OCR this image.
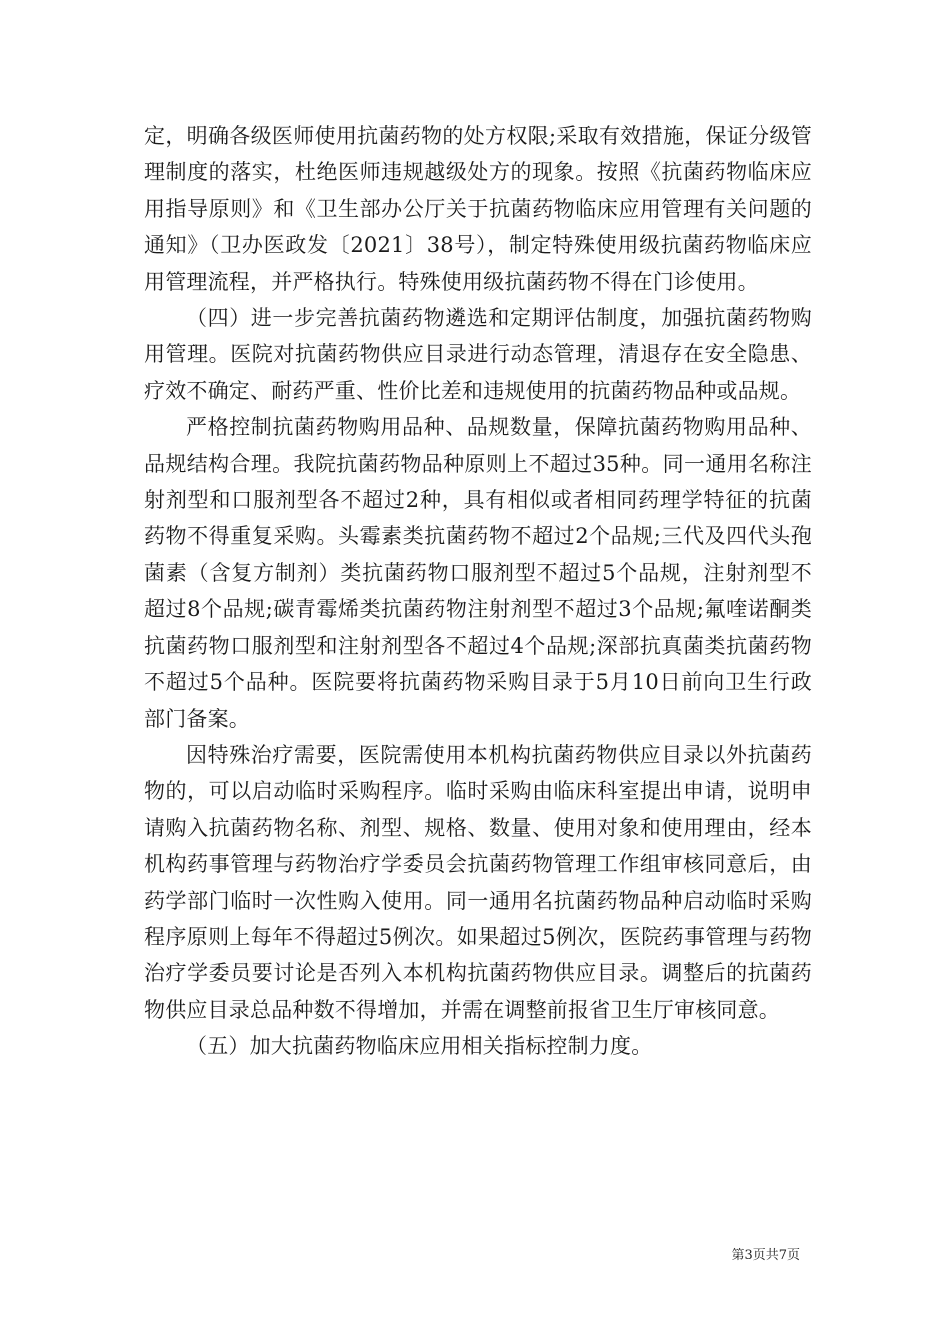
定，明确各级医师使用抗菌药物的处方权限;采取有效措施，保证分级管理制度的落实，杜绝医师违规越级处方的现象。按照《抗菌药物临床应用指导原则》和《卫生部办公厅关于抗菌药物临床应用管理有关问题的通知》（卫办医政发〔2021〕38号），制定特殊使用级抗菌药物临床应用管理流程，并严格执行。特殊使用级抗菌药物不得在门诊使用。

（四）进一步完善抗菌药物遴选和定期评估制度，加强抗菌药物购用管理。医院对抗菌药物供应目录进行动态管理，清退存在安全隐患、疗效不确定、耐药严重、性价比差和违规使用的抗菌药物品种或品规。

严格控制抗菌药物购用品种、品规数量，保障抗菌药物购用品种、品规结构合理。我院抗菌药物品种原则上不超过35种。同一通用名称注射剂型和口服剂型各不超过2种，具有相似或者相同药理学特征的抗菌药物不得重复采购。头霉素类抗菌药物不超过2个品规;三代及四代头孢菌素（含复方制剂）类抗菌药物口服剂型不超过5个品规，注射剂型不超过8个品规;碳青霉烯类抗菌药物注射剂型不超过3个品规;氟喹诺酮类抗菌药物口服剂型和注射剂型各不超过4个品规;深部抗真菌类抗菌药物不超过5个品种。医院要将抗菌药物采购目录于5月10日前向卫生行政部门备案。

因特殊治疗需要，医院需使用本机构抗菌药物供应目录以外抗菌药物的，可以启动临时采购程序。临时采购由临床科室提出申请，说明申请购入抗菌药物名称、剂型、规格、数量、使用对象和使用理由，经本机构药事管理与药物治疗学委员会抗菌药物管理工作组审核同意后，由药学部门临时一次性购入使用。同一通用名抗菌药物品种启动临时采购程序原则上每年不得超过5例次。如果超过5例次，医院药事管理与药物治疗学委员要讨论是否列入本机构抗菌药物供应目录。调整后的抗菌药物供应目录总品种数不得增加，并需在调整前报省卫生厅审核同意。

（五）加大抗菌药物临床应用相关指标控制力度。

第3页共7页
